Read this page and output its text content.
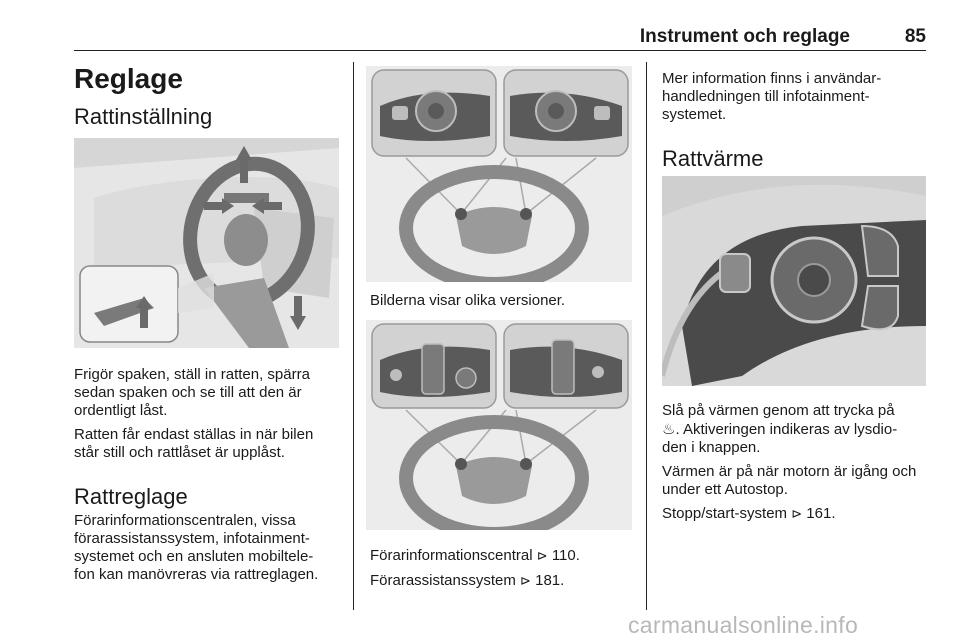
Instrument och reglage	85
Reglage
Rattinställning

Frigör spaken, ställ in ratten, spärra
sedan spaken och se till att den är
ordentligt låst.

Ratten får endast ställas in när bilen
står still och rattlåset är upplåst.

Rattreglage

Förarinformationscentralen, vissa
förarassistanssystem, infotainment-
systemet och en ansluten mobiltele-
fon kan manövreras via rattreglagen.

Bilderna visar olika versioner.

Förarinformationscentral ⊳ 110.

Förarassistanssystem ⊳ 181.

Mer information finns i användar-
handledningen till infotainment-
systemet.

Rattvärme

Slå på värmen genom att trycka på
♨. Aktiveringen indikeras av lysdio-
den i knappen.

Värmen är på när motorn är igång och
under ett Autostop.

Stopp/start-system ⊳ 161.

carmanualsonline.info
